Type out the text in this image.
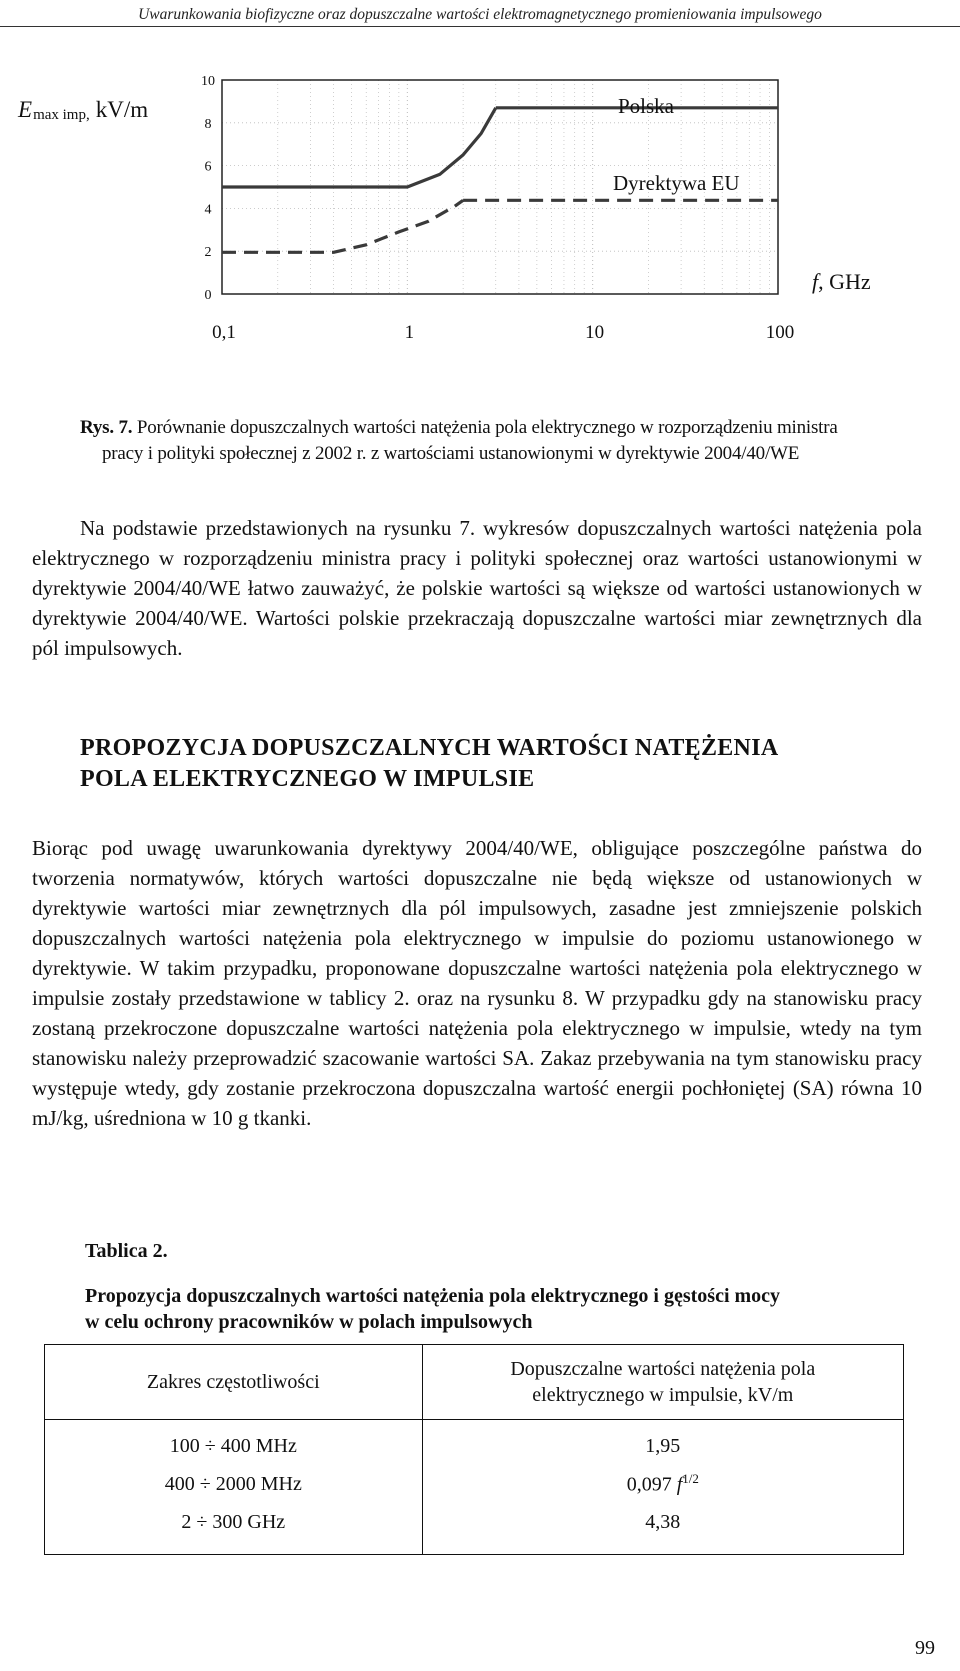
Uwarunkowania biofizyczne oraz dopuszczalne wartości elektromagnetycznego promieniowania impulsowego
Emax imp, kV/m
f, GHz
10
8
6
4
2
0
0,1	1	10	100
Polska
Dyrektywa EU
Rys. 7. Porównanie dopuszczalnych wartości natężenia pola elektrycznego w rozporządzeniu ministra
pracy i polityki społecznej z 2002 r. z wartościami ustanowionymi w dyrektywie 2004/40/WE

Na podstawie przedstawionych na rysunku 7. wykresów dopuszczalnych wartości natężenia pola elektrycznego w rozporządzeniu ministra pracy i polityki społecznej oraz wartości ustanowionymi w dyrektywie 2004/40/WE łatwo zauważyć, że polskie wartości są większe od wartości ustanowionych w dyrektywie 2004/40/WE. Wartości polskie przekraczają dopuszczalne wartości miar zewnętrznych dla pól impulsowych.

PROPOZYCJA DOPUSZCZALNYCH WARTOŚCI NATĘŻENIA
POLA ELEKTRYCZNEGO W IMPULSIE

Biorąc pod uwagę uwarunkowania dyrektywy 2004/40/WE, obligujące poszczególne państwa do tworzenia normatywów, których wartości dopuszczalne nie będą większe od ustanowionych w dyrektywie wartości miar zewnętrznych dla pól impulsowych, zasadne jest zmniejszenie polskich dopuszczalnych wartości natężenia pola elektrycznego w impulsie do poziomu ustanowionego w dyrektywie. W takim przypadku, proponowane dopuszczalne wartości natężenia pola elektrycznego w impulsie zostały przedstawione w tablicy 2. oraz na rysunku 8. W przypadku gdy na stanowisku pracy zostaną przekroczone dopuszczalne wartości natężenia pola elektrycznego w impulsie, wtedy na tym stanowisku należy przeprowadzić szacowanie wartości SA. Zakaz przebywania na tym stanowisku pracy występuje wtedy, gdy zostanie przekroczona dopuszczalna wartość energii pochłoniętej (SA) równa 10 mJ/kg, uśredniona w 10 g tkanki.

Tablica 2.
Propozycja dopuszczalnych wartości natężenia pola elektrycznego i gęstości mocy
w celu ochrony pracowników w polach impulsowych
Zakres częstotliwości	Dopuszczalne wartości natężenia pola
elektrycznego w impulsie, kV/m

100 ÷ 400 MHz	1,95
400 ÷ 2000 MHz	0,097 $f^{1/2}$
2 ÷ 300 GHz	4,38
99
